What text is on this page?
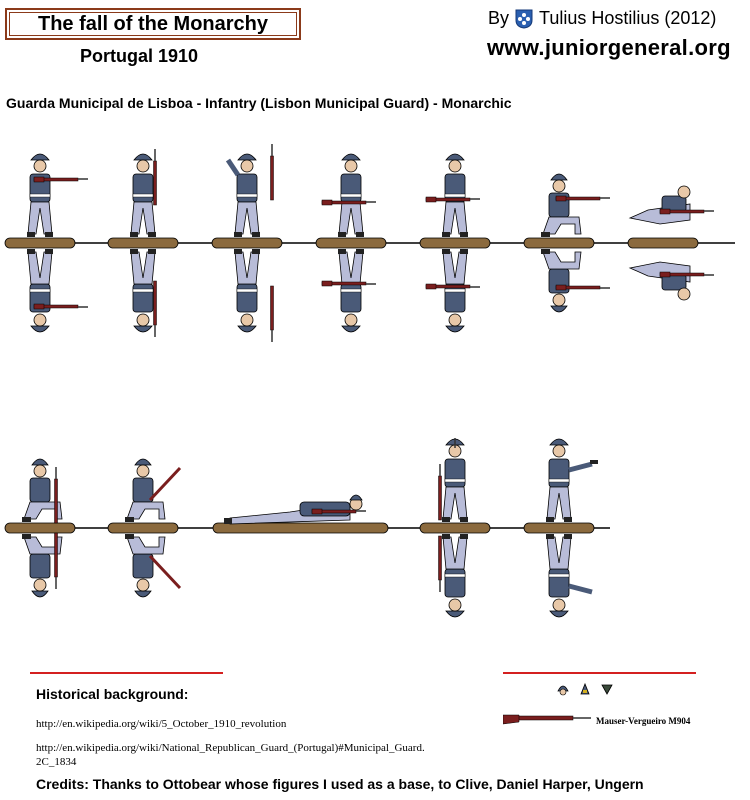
The fall of the Monarchy
Portugal 1910
By Tulius Hostilius (2012)
www.juniorgeneral.org
Guarda Municipal de Lisboa - Infantry (Lisbon Municipal Guard) - Monarchic
Historical background:
http://en.wikipedia.org/wiki/5_October_1910_revolution
http://en.wikipedia.org/wiki/National_Republican_Guard_(Portugal)#Municipal_Guard.
2C_1834
Mauser-Vergueiro M904
Credits: Thanks to Ottobear whose figures I used as a base, to Clive, Daniel Harper, Ungern
